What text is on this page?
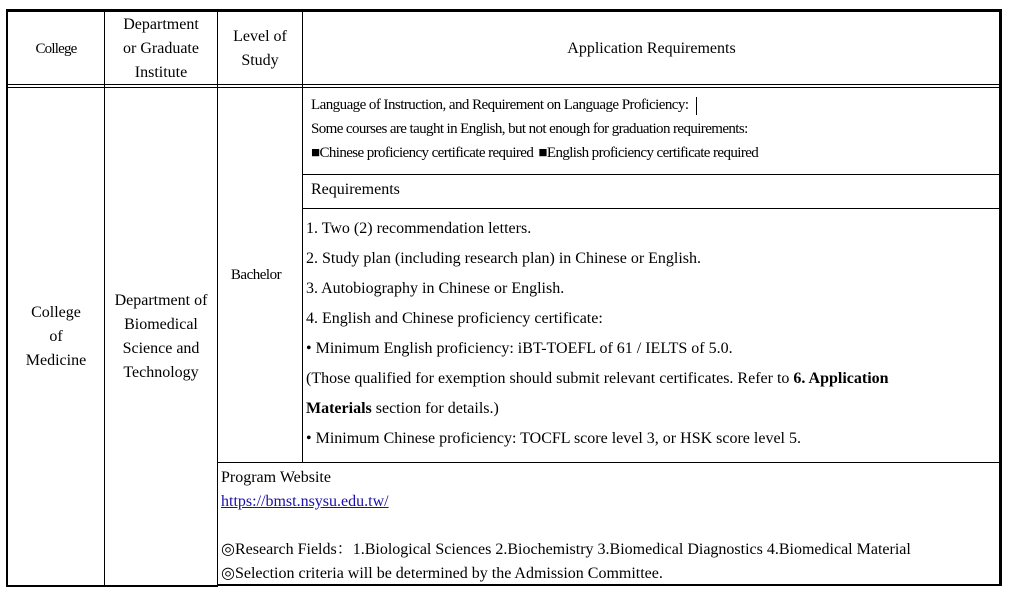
College
Department
or Graduate
Institute
Level of
Study
Application Requirements
College
of
Medicine
Department of
Biomedical
Science and
Technology
Bachelor
Language of Instruction, and Requirement on Language Proficiency:
Some courses are taught in English, but not enough for graduation requirements:
■Chinese proficiency certificate required ■English proficiency certificate required
Requirements
1. Two (2) recommendation letters.
2. Study plan (including research plan) in Chinese or English.
3. Autobiography in Chinese or English.
4. English and Chinese proficiency certificate:
• Minimum English proficiency: iBT-TOEFL of 61 / IELTS of 5.0.
(Those qualified for exemption should submit relevant certificates. Refer to 6. Application
Materials section for details.)
• Minimum Chinese proficiency: TOCFL score level 3, or HSK score level 5.
Program Website
https://bmst.nsysu.edu.tw/
◎Research Fields：1.Biological Sciences 2.Biochemistry 3.Biomedical Diagnostics 4.Biomedical Material
◎Selection criteria will be determined by the Admission Committee.
